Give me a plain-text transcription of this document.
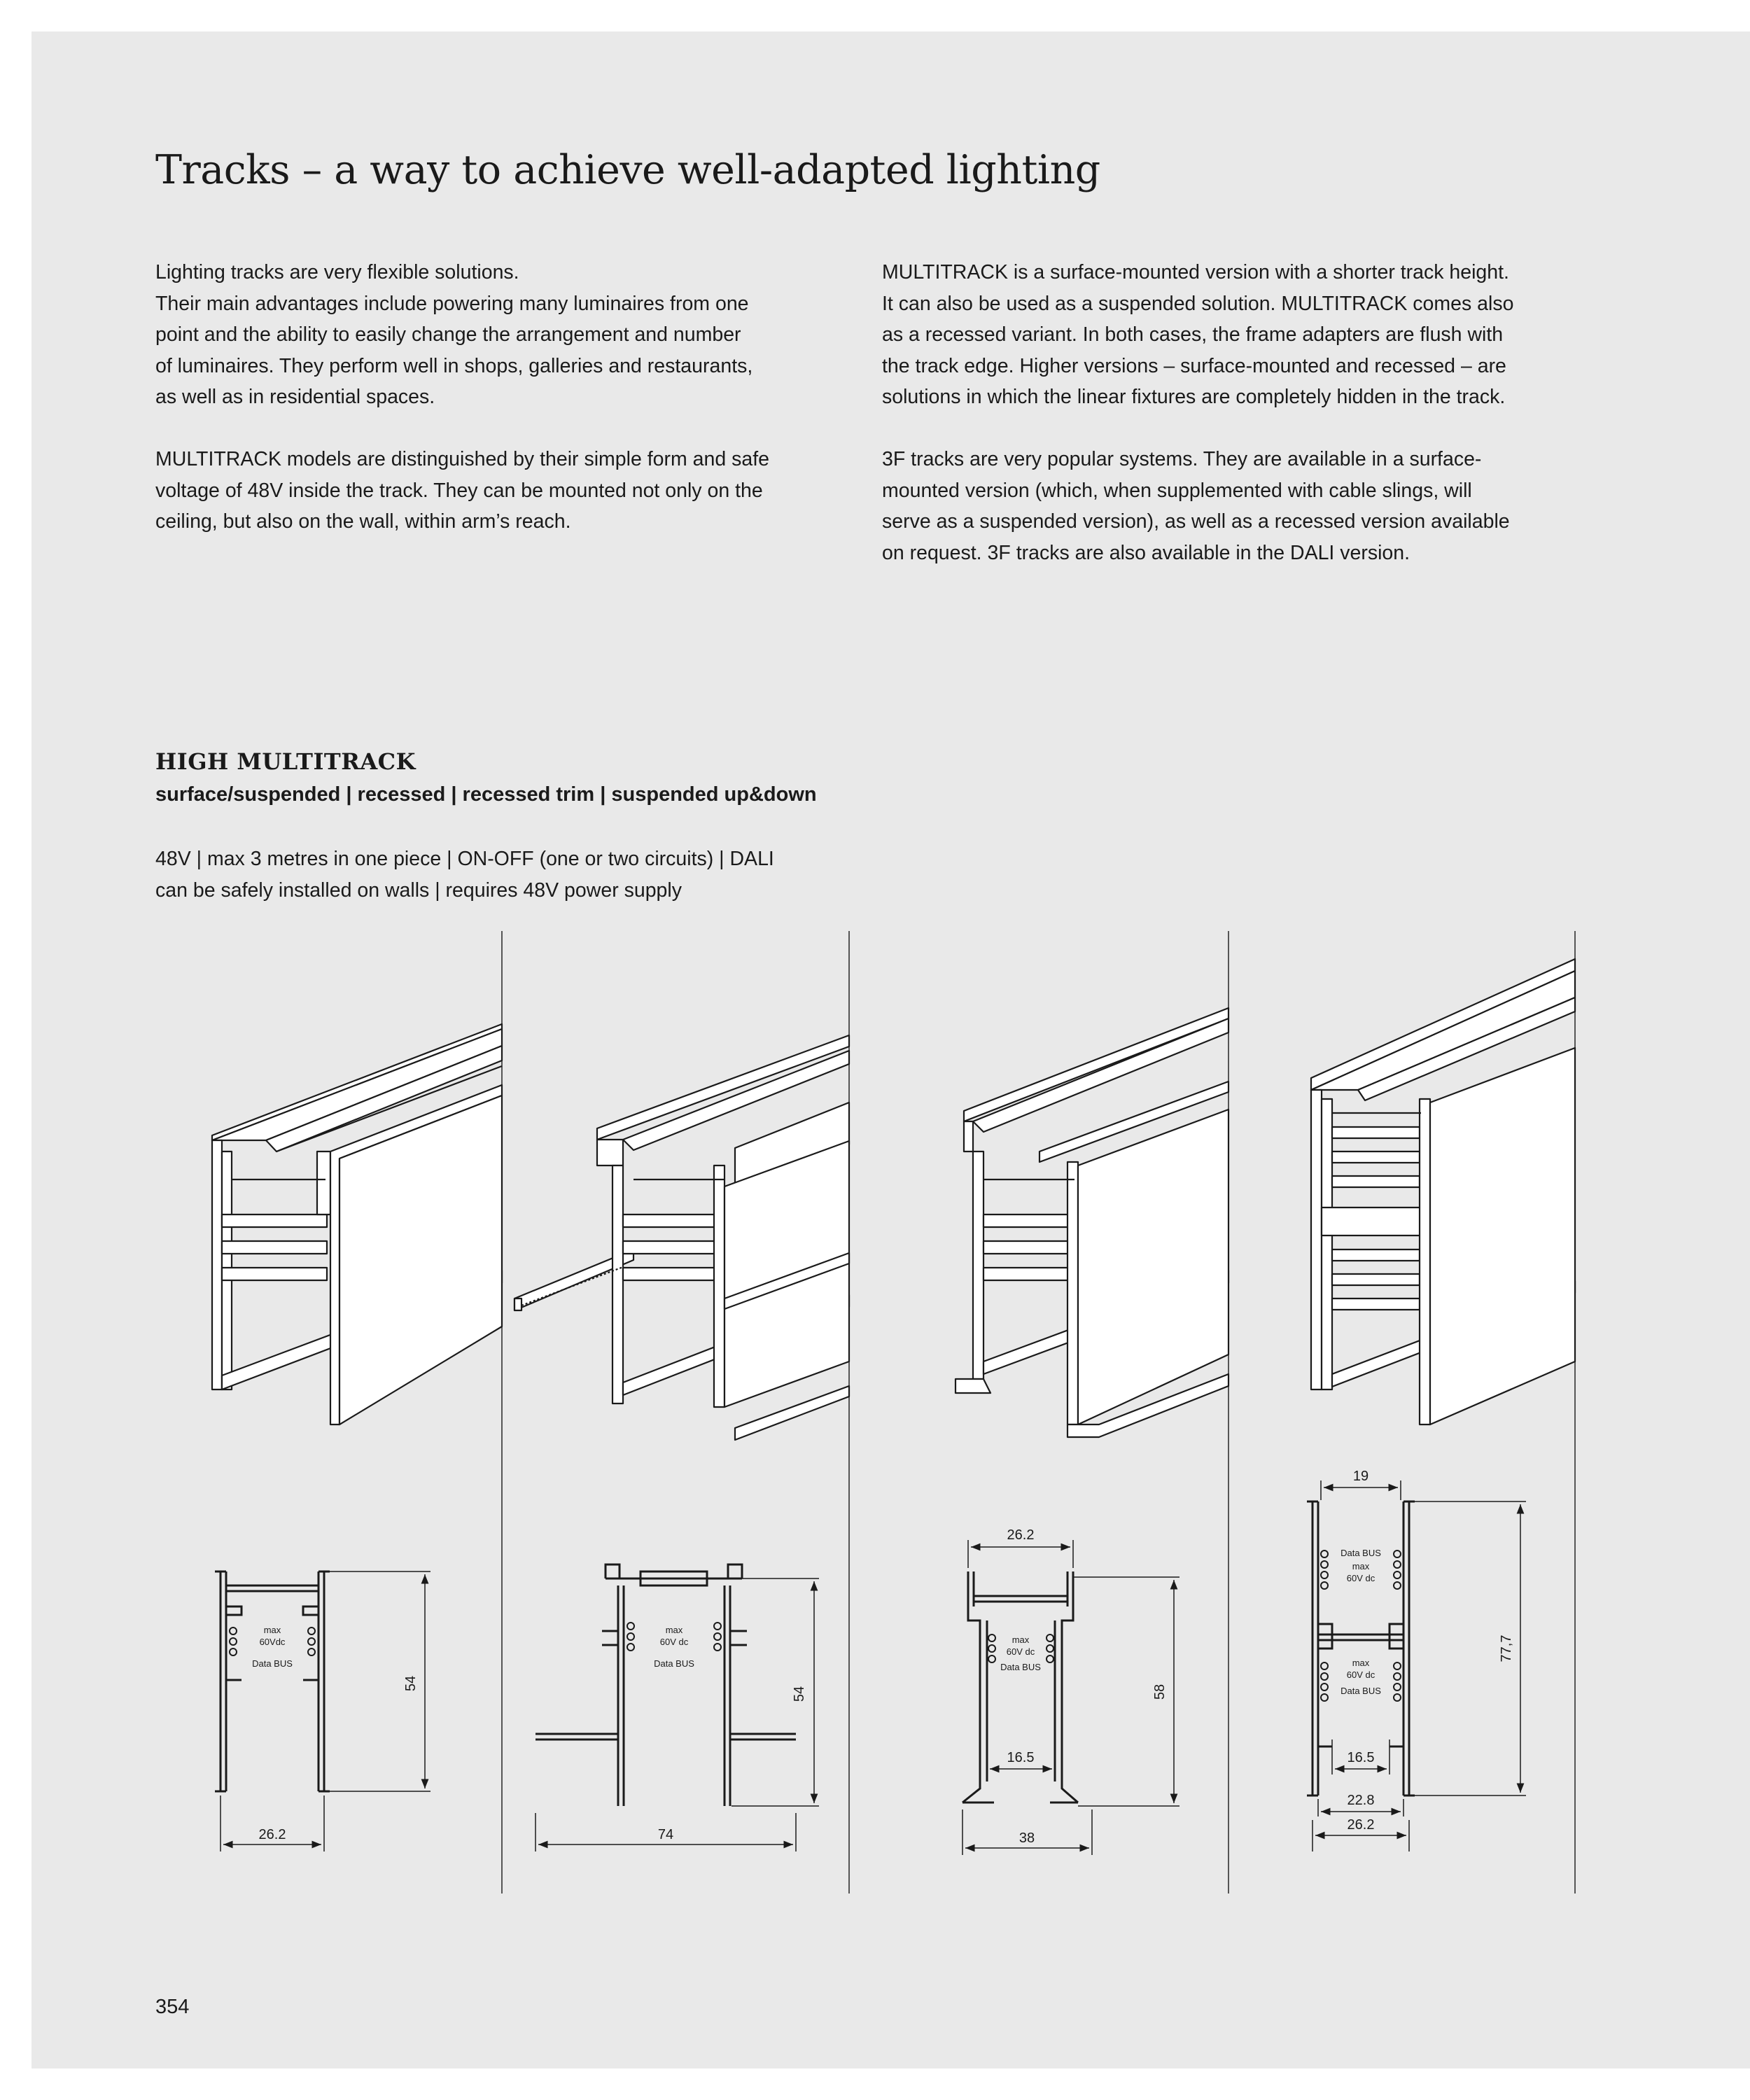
Tracks – a way to achieve well-adapted lighting

Lighting tracks are very flexible solutions.
Their main advantages include powering many luminaires from one
point and the ability to easily change the arrangement and number
of luminaires. They perform well in shops, galleries and restaurants,
as well as in residential spaces.

MULTITRACK models are distinguished by their simple form and safe
voltage of 48V inside the track. They can be mounted not only on the
ceiling, but also on the wall, within arm’s reach.

MULTITRACK is a surface-mounted version with a shorter track height.
It can also be used as a suspended solution. MULTITRACK comes also
as a recessed variant. In both cases, the frame adapters are flush with
the track edge. Higher versions – surface-mounted and recessed – are
solutions in which the linear fixtures are completely hidden in the track.

3F tracks are very popular systems. They are available in a surface-
mounted version (which, when supplemented with cable slings, will
serve as a suspended version), as well as a recessed version available
on request. 3F tracks are also available in the DALI version.

HIGH MULTITRACK
surface/suspended | recessed | recessed trim | suspended up&down
48V | max 3 metres in one piece | ON-OFF (one or two circuits) | DALI
can be safely installed on walls | requires 48V power supply
max
60Vdc
Data BUS
54
26.2
max
60V dc
Data BUS
54
74
max
60V dc
Data BUS
26.2
16.5
58
38
Data BUS
max
60V dc
max
60V dc
Data BUS
19
16.5
77,7
22.8
26.2
354
